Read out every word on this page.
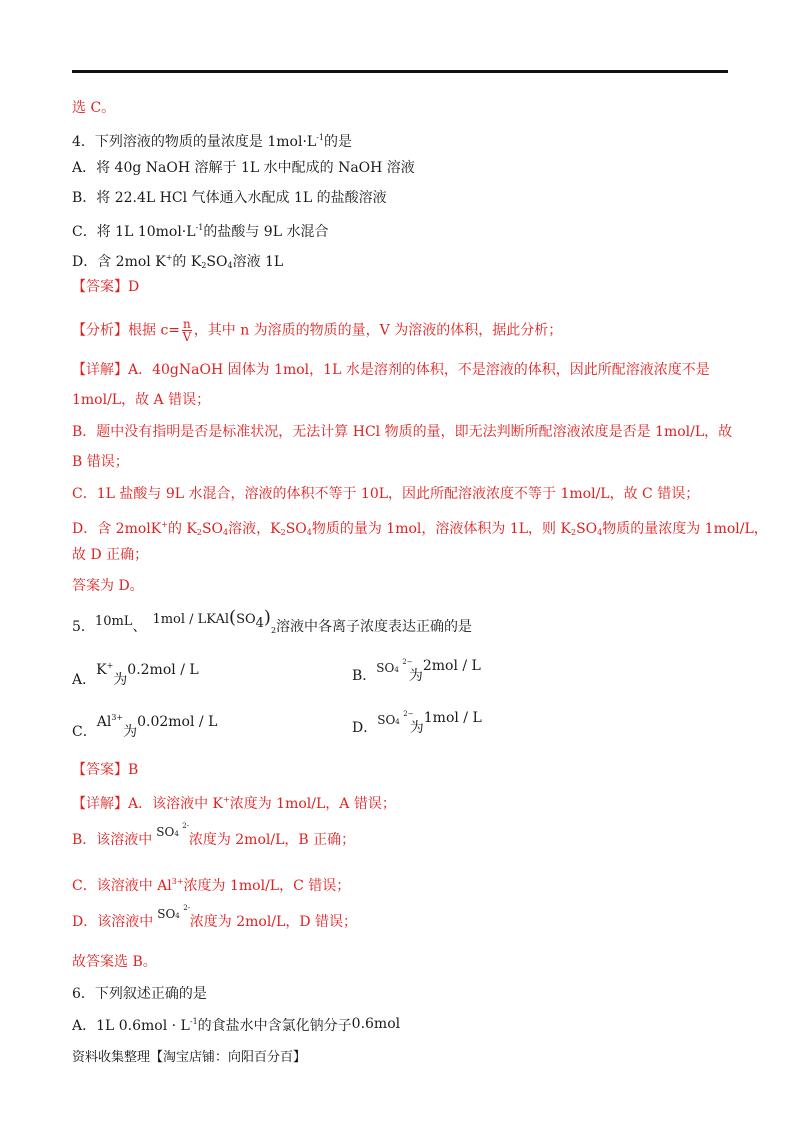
选 C。
4．下列溶液的物质的量浓度是 $1mol\cdot L^{-1}$的是
A．将 40g NaOH 溶解于 1L 水中配成的 NaOH 溶液
B．将 22.4L HCl 气体通入水配成 1L 的盐酸溶液
C．将 1L $10mol\cdot L^{-1}$的盐酸与 9L 水混合
D．含 2mol K+的 $K_2SO_4$溶液 1L
【答案】D
【分析】根据 $c= \frac{n}{V}$ ，其中 n 为溶质的物质的量，V 为溶液的体积，据此分析；
【详解】A．40gNaOH 固体为 1mol，1L 水是溶剂的体积，不是溶液的体积，因此所配溶液浓度不是
1mol/L，故 A 错误；
B．题中没有指明是否是标准状况，无法计算 HCl 物质的量，即无法判断所配溶液浓度是否是 1mol/L，故
B 错误；
C．1L 盐酸与 9L 水混合，溶液的体积不等于 10L，因此所配溶液浓度不等于 1mol/L，故 C 错误；
D．含 2molK+的 $K_2SO_4$溶液，$K_2SO_4$物质的量为 1mol，溶液体积为 1L，则 $K_2SO_4$物质的量浓度为 1mol/L，
故 D 正确；
答案为 D。
5．10mL、 $1mol / LKAl(SO_4)_2$溶液中各离子浓度表达正确的是
A．K+为0.2mol / L	B．SO4
2−
为2mol / L
C．$Al^{3+}$为0.02mol / L	D．SO4
2−
为1mol / L
【答案】B
【详解】A．该溶液中 K+浓度为 1mol/L，A 错误；
B．该溶液中 SO4
2-
浓度为 2mol/L，B 正确；
C．该溶液中 $Al^{3+}$浓度为 1mol/L，C 错误；
D．该溶液中 SO4
2-
浓度为 2mol/L，D 错误；
故答案选 B。
6．下列叙述正确的是
A．1L $0.6mol \cdot L^{-1}$的食盐水中含氯化钠分子0.6mol
资料收集整理【淘宝店铺：向阳百分百】
